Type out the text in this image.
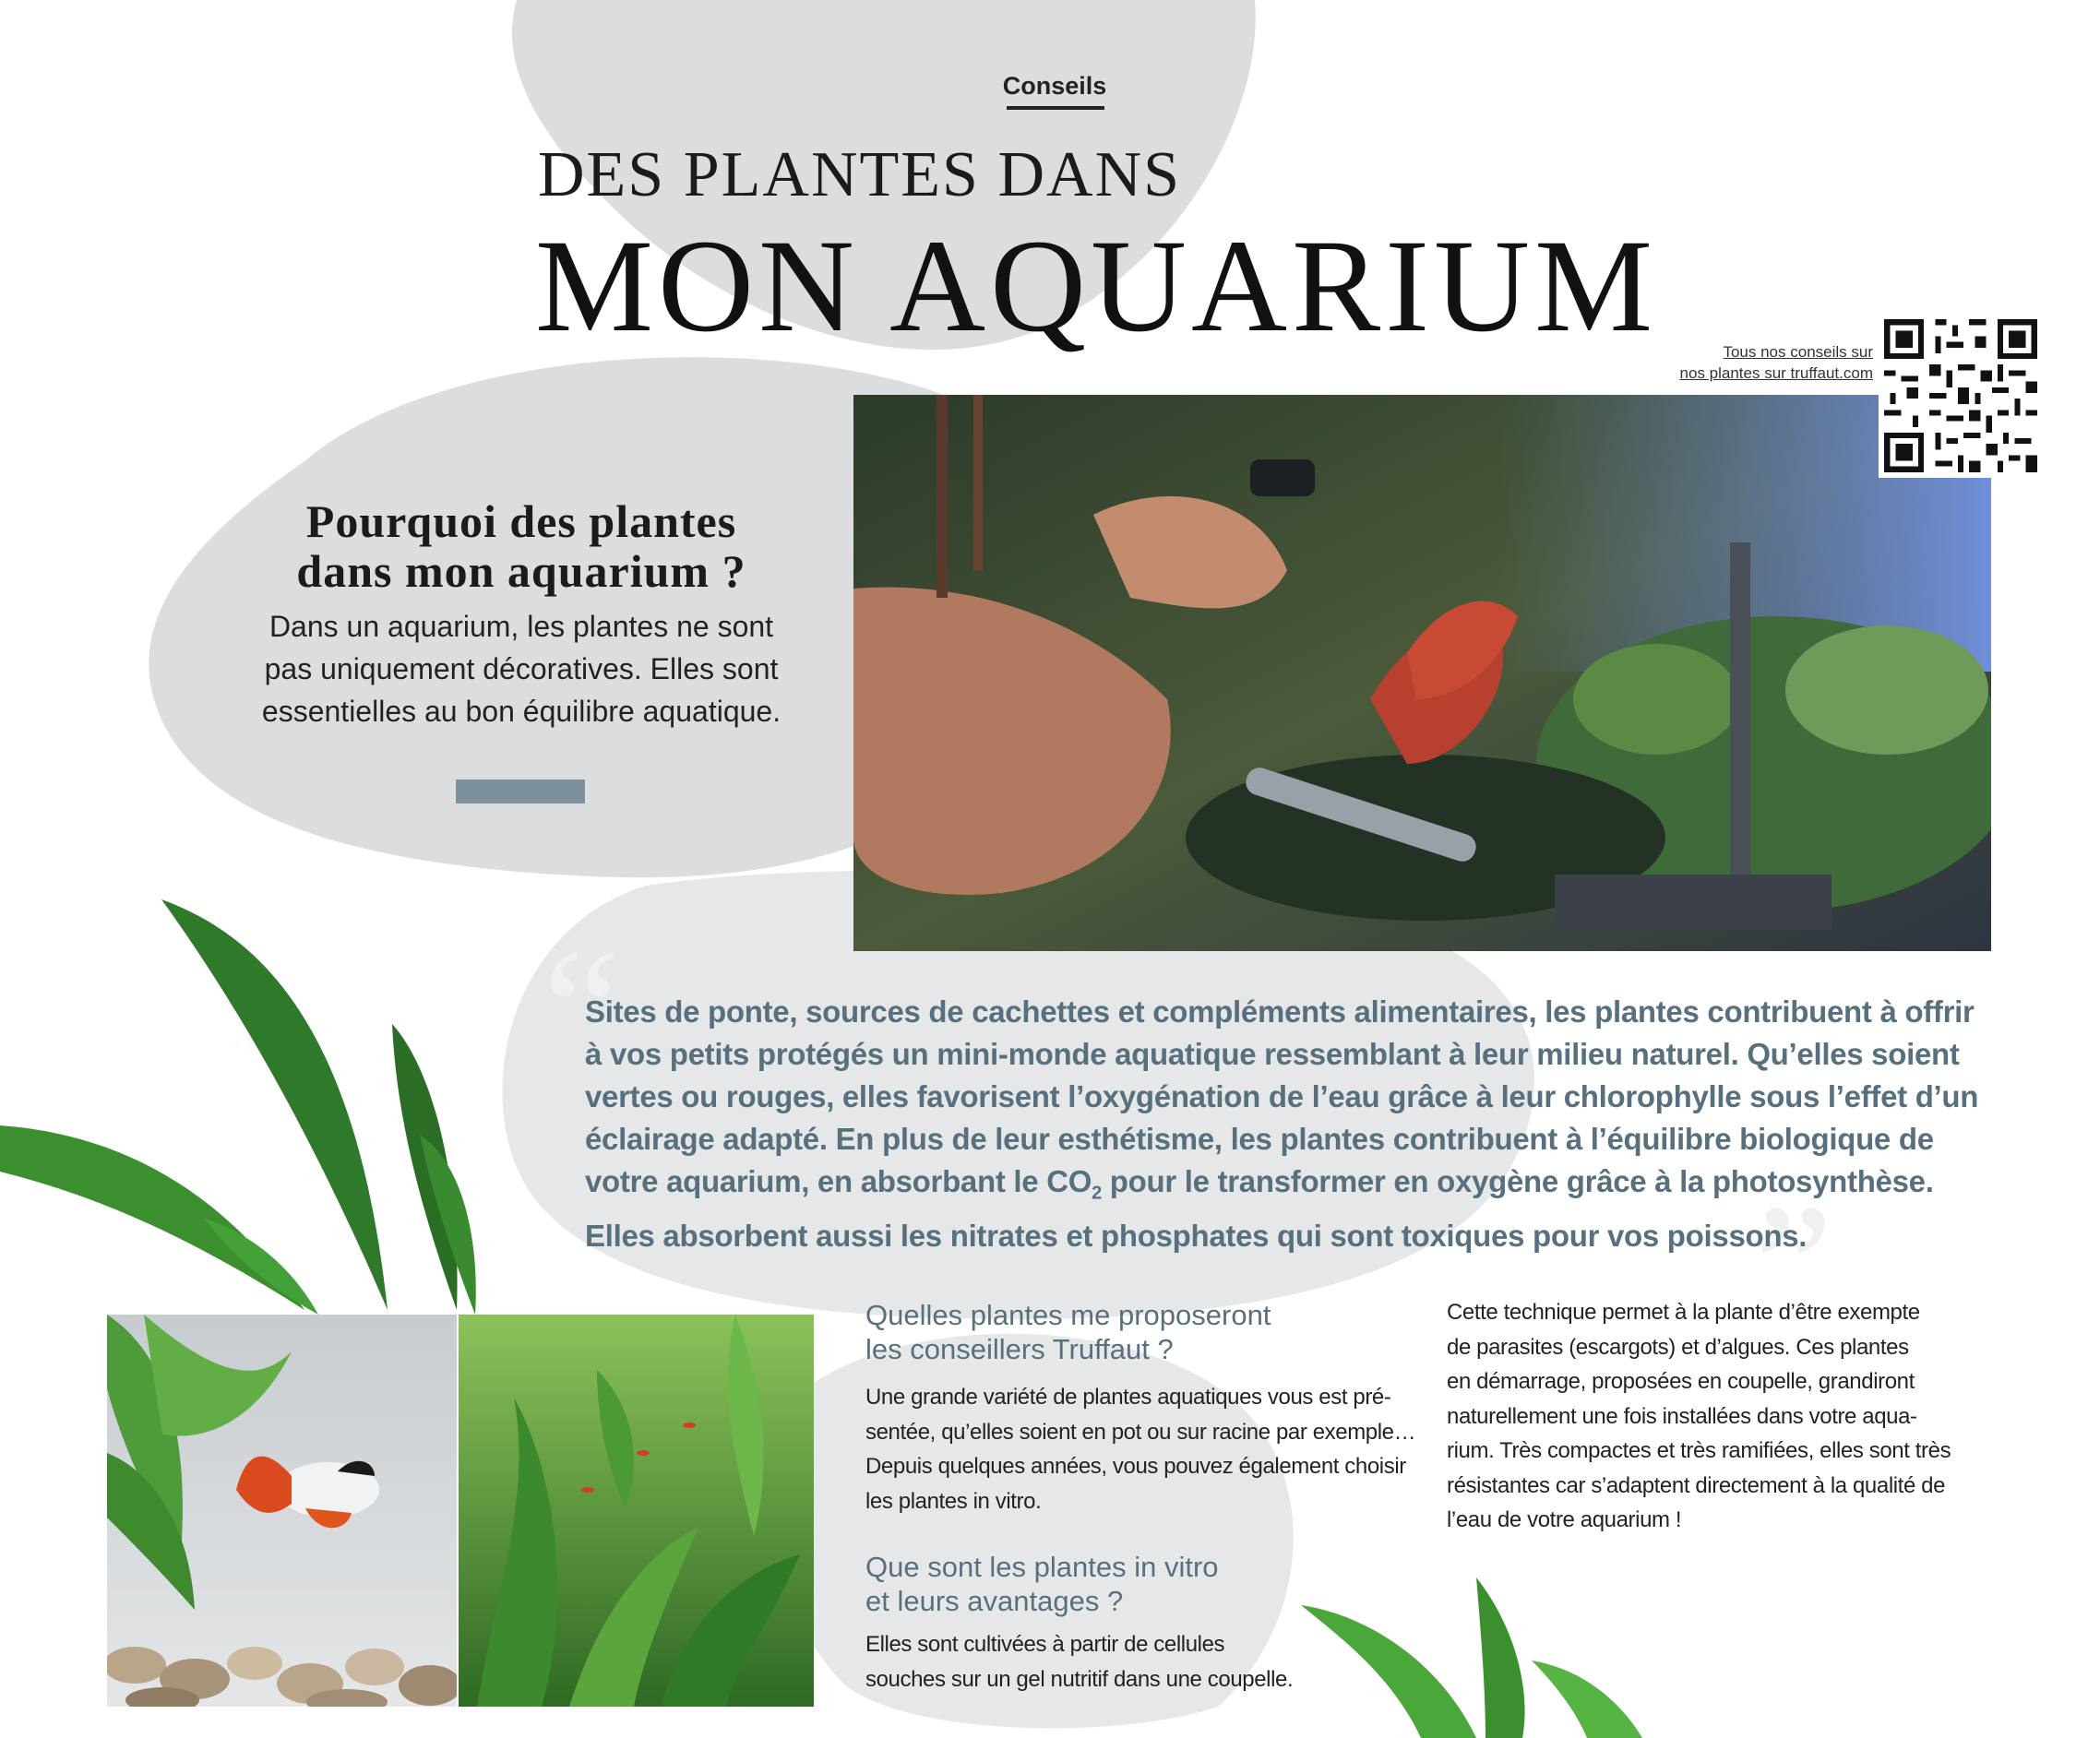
Conseils
DES PLANTES DANS
MON AQUARIUM	Tous nos conseils sur
nos plantes sur truffaut.com
Pourquoi des plantes
dans mon aquarium ?
Dans un aquarium, les plantes ne sont
pas uniquement décoratives. Elles sont
essentielles au bon équilibre aquatique.
“
”
Sites de ponte, sources de cachettes et compléments alimentaires, les plantes contribuent à offrir
à vos petits protégés un mini-monde aquatique ressemblant à leur milieu naturel. Qu’elles soient
vertes ou rouges, elles favorisent l’oxygénation de l’eau grâce à leur chlorophylle sous l’effet d’un
éclairage adapté. En plus de leur esthétisme, les plantes contribuent à l’équilibre biologique de
votre aquarium, en absorbant le $CO_2$ pour le transformer en oxygène grâce à la photosynthèse.
Elles absorbent aussi les nitrates et phosphates qui sont toxiques pour vos poissons.
Quelles plantes me proposeront
les conseillers Truffaut ?
Une grande variété de plantes aquatiques vous est pré-
sentée, qu’elles soient en pot ou sur racine par exemple…
Depuis quelques années, vous pouvez également choisir
les plantes in vitro.
Que sont les plantes in vitro
et leurs avantages ?
Elles sont cultivées à partir de cellules
souches sur un gel nutritif dans une coupelle.
Cette technique permet à la plante d’être exempte
de parasites (escargots) et d’algues. Ces plantes
en démarrage, proposées en coupelle, grandiront
naturellement une fois installées dans votre aqua-
rium. Très compactes et très ramifiées, elles sont très
résistantes car s’adaptent directement à la qualité de
l’eau de votre aquarium !
